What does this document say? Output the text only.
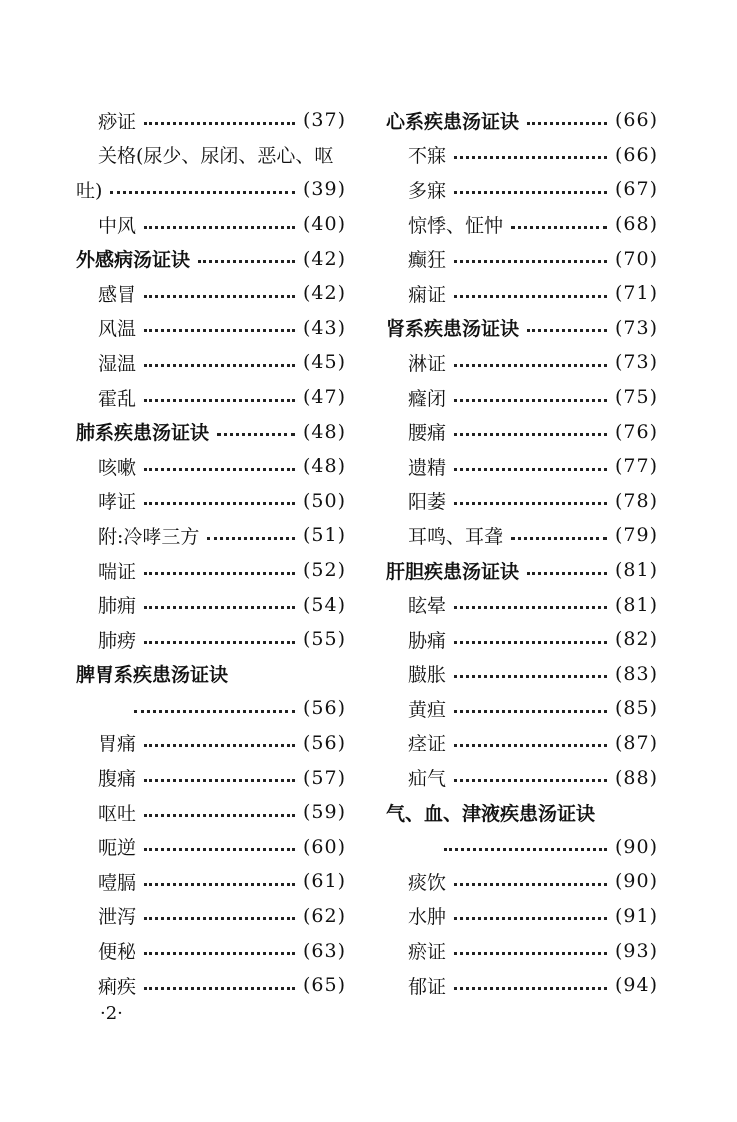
痧证	(37)
关格(尿少、尿闭、恶心、呕
吐)	(39)
中风	(40)
外感病汤证诀	(42)
感冒	(42)
风温	(43)
湿温	(45)
霍乱	(47)
肺系疾患汤证诀	(48)
咳嗽	(48)
哮证	(50)
附:冷哮三方	(51)
喘证	(52)
肺痈	(54)
肺痨	(55)
脾胃系疾患汤证诀
(56)
胃痛	(56)
腹痛	(57)
呕吐	(59)
呃逆	(60)
噎膈	(61)
泄泻	(62)
便秘	(63)
痢疾	(65)
心系疾患汤证诀	(66)
不寐	(66)
多寐	(67)
惊悸、怔忡	(68)
癫狂	(70)
痫证	(71)
肾系疾患汤证诀	(73)
淋证	(73)
癃闭	(75)
腰痛	(76)
遗精	(77)
阳萎	(78)
耳鸣、耳聋	(79)
肝胆疾患汤证诀	(81)
眩晕	(81)
胁痛	(82)
臌胀	(83)
黄疸	(85)
痉证	(87)
疝气	(88)
气、血、津液疾患汤证诀
(90)
痰饮	(90)
水肿	(91)
瘀证	(93)
郁证	(94)
·2·
